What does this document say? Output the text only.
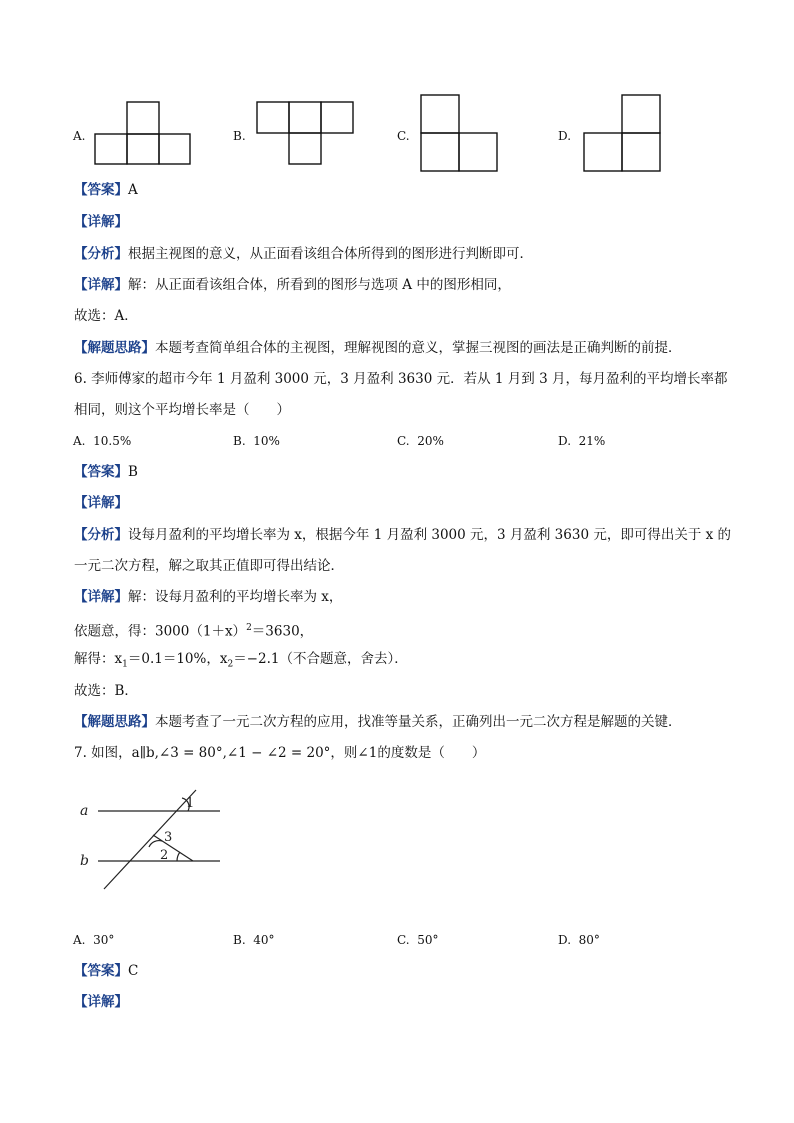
A.	B.	C.	D.
【答案】A
【详解】
【分析】根据主视图的意义，从正面看该组合体所得到的图形进行判断即可．
【详解】解：从正面看该组合体，所看到的图形与选项 A 中的图形相同，
故选：A．
【解题思路】本题考查简单组合体的主视图，理解视图的意义，掌握三视图的画法是正确判断的前提．
6. 李师傅家的超市今年 1 月盈利 3000 元，3 月盈利 3630 元．若从 1 月到 3 月，每月盈利的平均增长率都
相同，则这个平均增长率是（　　）
A. 10.5%	B. 10%	C. 20%	D. 21%
【答案】B
【详解】
【分析】设每月盈利的平均增长率为 x，根据今年 1 月盈利 3000 元，3 月盈利 3630 元，即可得出关于 x 的
一元二次方程，解之取其正值即可得出结论．
【详解】解：设每月盈利的平均增长率为 x，
依题意，得：$3000(1+x)^2=3630$，
解得：$x_1=0.1=10\%$，$x_2=-2.1$（不合题意，舍去）．
故选：B．
【解题思路】本题考查了一元二次方程的应用，找准等量关系，正确列出一元二次方程是解题的关键．
7. 如图，a∥b,∠3 = 80°,∠1 − ∠2 = 20°，则∠1的度数是（　　）
a
b
1
3
2
A. 30°	B. 40°	C. 50°	D. 80°
【答案】C
【详解】
